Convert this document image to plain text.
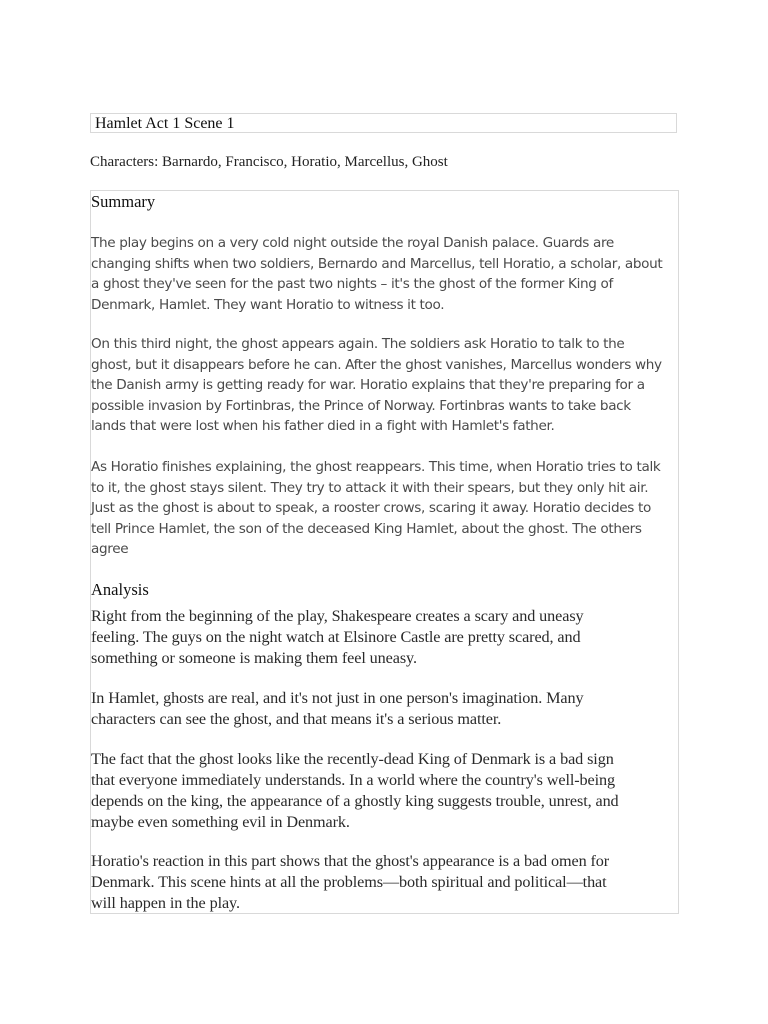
Hamlet Act 1 Scene 1
Characters: Barnardo, Francisco, Horatio, Marcellus, Ghost
Summary

The play begins on a very cold night outside the royal Danish palace. Guards are
changing shifts when two soldiers, Bernardo and Marcellus, tell Horatio, a scholar, about
a ghost they've seen for the past two nights – it's the ghost of the former King of
Denmark, Hamlet. They want Horatio to witness it too.

On this third night, the ghost appears again. The soldiers ask Horatio to talk to the
ghost, but it disappears before he can. After the ghost vanishes, Marcellus wonders why
the Danish army is getting ready for war. Horatio explains that they're preparing for a
possible invasion by Fortinbras, the Prince of Norway. Fortinbras wants to take back
lands that were lost when his father died in a fight with Hamlet's father.

As Horatio finishes explaining, the ghost reappears. This time, when Horatio tries to talk
to it, the ghost stays silent. They try to attack it with their spears, but they only hit air.
Just as the ghost is about to speak, a rooster crows, scaring it away. Horatio decides to
tell Prince Hamlet, the son of the deceased King Hamlet, about the ghost. The others
agree

Analysis

Right from the beginning of the play, Shakespeare creates a scary and uneasy
feeling. The guys on the night watch at Elsinore Castle are pretty scared, and
something or someone is making them feel uneasy.

In Hamlet, ghosts are real, and it's not just in one person's imagination. Many
characters can see the ghost, and that means it's a serious matter.

The fact that the ghost looks like the recently-dead King of Denmark is a bad sign
that everyone immediately understands. In a world where the country's well-being
depends on the king, the appearance of a ghostly king suggests trouble, unrest, and
maybe even something evil in Denmark.

Horatio's reaction in this part shows that the ghost's appearance is a bad omen for
Denmark. This scene hints at all the problems—both spiritual and political—that
will happen in the play.
